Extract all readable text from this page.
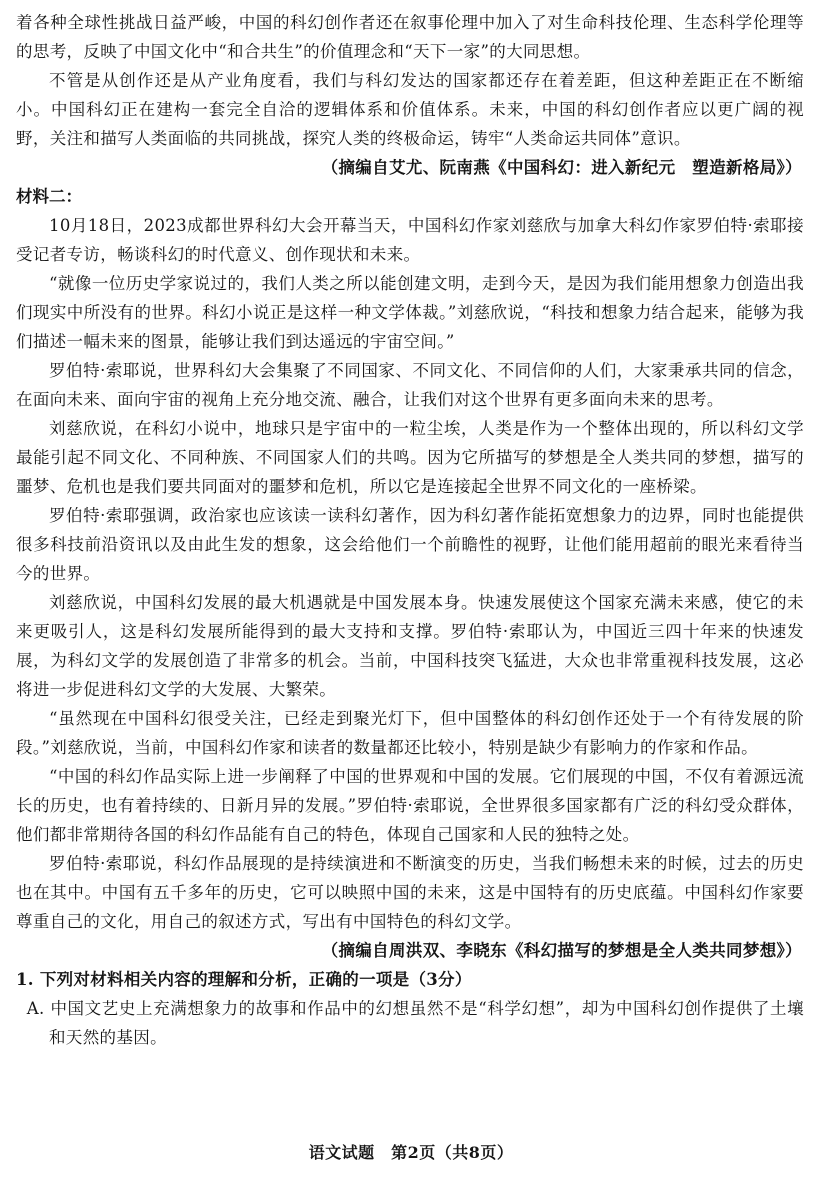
着各种全球性挑战日益严峻，中国的科幻创作者还在叙事伦理中加入了对生命科技伦理、生态科学伦理等的思考，反映了中国文化中“和合共生”的价值理念和“天下一家”的大同思想。

不管是从创作还是从产业角度看，我们与科幻发达的国家都还存在着差距，但这种差距正在不断缩小。中国科幻正在建构一套完全自洽的逻辑体系和价值体系。未来，中国的科幻创作者应以更广阔的视野，关注和描写人类面临的共同挑战，探究人类的终极命运，铸牢“人类命运共同体”意识。

（摘编自艾尤、阮南燕《中国科幻：进入新纪元　塑造新格局》）

材料二：

10月18日，2023成都世界科幻大会开幕当天，中国科幻作家刘慈欣与加拿大科幻作家罗伯特·索耶接受记者专访，畅谈科幻的时代意义、创作现状和未来。

“就像一位历史学家说过的，我们人类之所以能创建文明，走到今天，是因为我们能用想象力创造出我们现实中所没有的世界。科幻小说正是这样一种文学体裁。”刘慈欣说，“科技和想象力结合起来，能够为我们描述一幅未来的图景，能够让我们到达遥远的宇宙空间。”

罗伯特·索耶说，世界科幻大会集聚了不同国家、不同文化、不同信仰的人们，大家秉承共同的信念，在面向未来、面向宇宙的视角上充分地交流、融合，让我们对这个世界有更多面向未来的思考。

刘慈欣说，在科幻小说中，地球只是宇宙中的一粒尘埃，人类是作为一个整体出现的，所以科幻文学最能引起不同文化、不同种族、不同国家人们的共鸣。因为它所描写的梦想是全人类共同的梦想，描写的噩梦、危机也是我们要共同面对的噩梦和危机，所以它是连接起全世界不同文化的一座桥梁。

罗伯特·索耶强调，政治家也应该读一读科幻著作，因为科幻著作能拓宽想象力的边界，同时也能提供很多科技前沿资讯以及由此生发的想象，这会给他们一个前瞻性的视野，让他们能用超前的眼光来看待当今的世界。

刘慈欣说，中国科幻发展的最大机遇就是中国发展本身。快速发展使这个国家充满未来感，使它的未来更吸引人，这是科幻发展所能得到的最大支持和支撑。罗伯特·索耶认为，中国近三四十年来的快速发展，为科幻文学的发展创造了非常多的机会。当前，中国科技突飞猛进，大众也非常重视科技发展，这必将进一步促进科幻文学的大发展、大繁荣。

“虽然现在中国科幻很受关注，已经走到聚光灯下，但中国整体的科幻创作还处于一个有待发展的阶段。”刘慈欣说，当前，中国科幻作家和读者的数量都还比较小，特别是缺少有影响力的作家和作品。

“中国的科幻作品实际上进一步阐释了中国的世界观和中国的发展。它们展现的中国，不仅有着源远流长的历史，也有着持续的、日新月异的发展。”罗伯特·索耶说，全世界很多国家都有广泛的科幻受众群体，他们都非常期待各国的科幻作品能有自己的特色，体现自己国家和人民的独特之处。

罗伯特·索耶说，科幻作品展现的是持续演进和不断演变的历史，当我们畅想未来的时候，过去的历史也在其中。中国有五千多年的历史，它可以映照中国的未来，这是中国特有的历史底蕴。中国科幻作家要尊重自己的文化，用自己的叙述方式，写出有中国特色的科幻文学。

（摘编自周洪双、李晓东《科幻描写的梦想是全人类共同梦想》）

1. 下列对材料相关内容的理解和分析，正确的一项是（3分）

A. 中国文艺史上充满想象力的故事和作品中的幻想虽然不是“科学幻想”，却为中国科幻创作提供了土壤和天然的基因。

语文试题　第2页（共8页）
